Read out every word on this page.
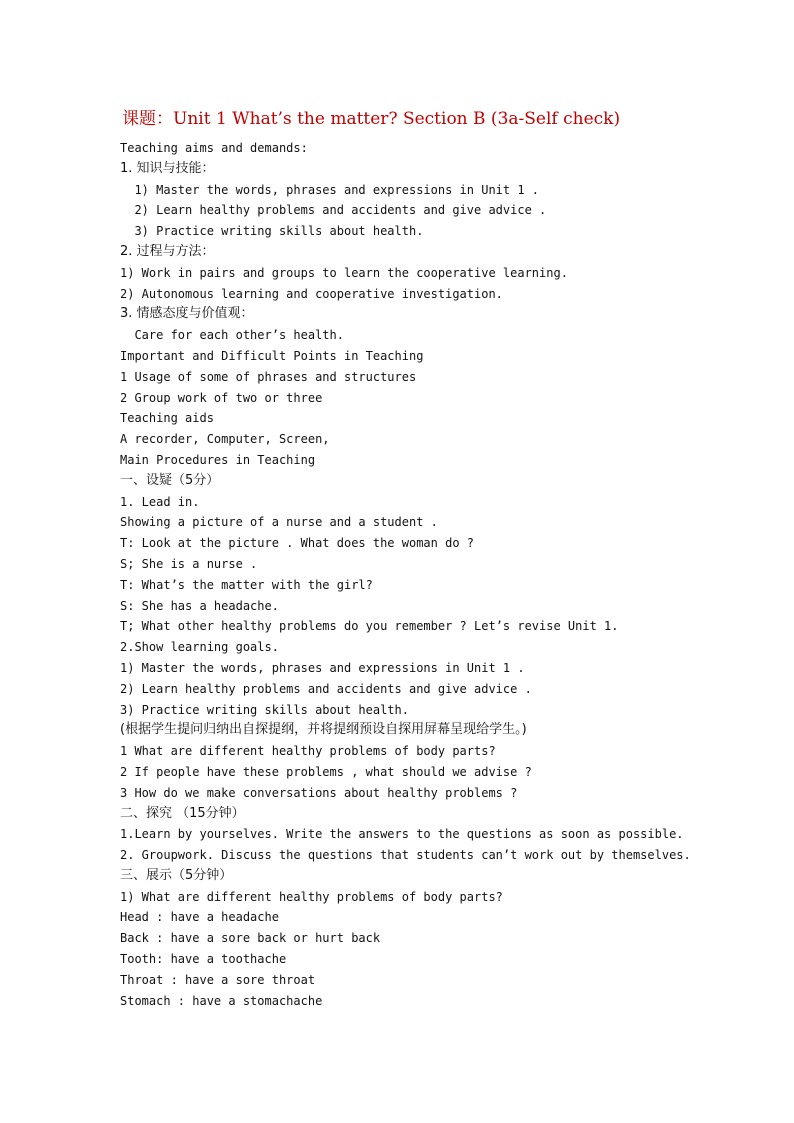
课题：Unit 1 What’s the matter? Section B (3a-Self check)
Teaching aims and demands:
1. 知识与技能：
1) Master the words, phrases and expressions in Unit 1 .
2) Learn healthy problems and accidents and give advice .
3) Practice writing skills about health.
2. 过程与方法：
1) Work in pairs and groups to learn the cooperative learning.
2) Autonomous learning and cooperative investigation.
3. 情感态度与价值观：
Care for each other’s health.
Important and Difficult Points in Teaching
1 Usage of some of phrases and structures
2 Group work of two or three
Teaching aids
A recorder, Computer, Screen,
Main Procedures in Teaching
一、设疑（5分）
1. Lead in.
Showing a picture of a nurse and a student .
T: Look at the picture . What does the woman do ?
S; She is a nurse .
T: What’s the matter with the girl?
S: She has a headache.
T; What other healthy problems do you remember ? Let’s revise Unit 1.
2.Show learning goals.
1) Master the words, phrases and expressions in Unit 1 .
2) Learn healthy problems and accidents and give advice .
3) Practice writing skills about health.
(根据学生提问归纳出自探提纲，并将提纲预设自探用屏幕呈现给学生。)
1 What are different healthy problems of body parts?
2 If people have these problems , what should we advise ?
3 How do we make conversations about healthy problems ?
二、探究 （15分钟）
1.Learn by yourselves. Write the answers to the questions as soon as possible.
2. Groupwork. Discuss the questions that students can’t work out by themselves.
三、展示（5分钟）
1) What are different healthy problems of body parts?
Head : have a headache
Back : have a sore back or hurt back
Tooth: have a toothache
Throat : have a sore throat
Stomach : have a stomachache
